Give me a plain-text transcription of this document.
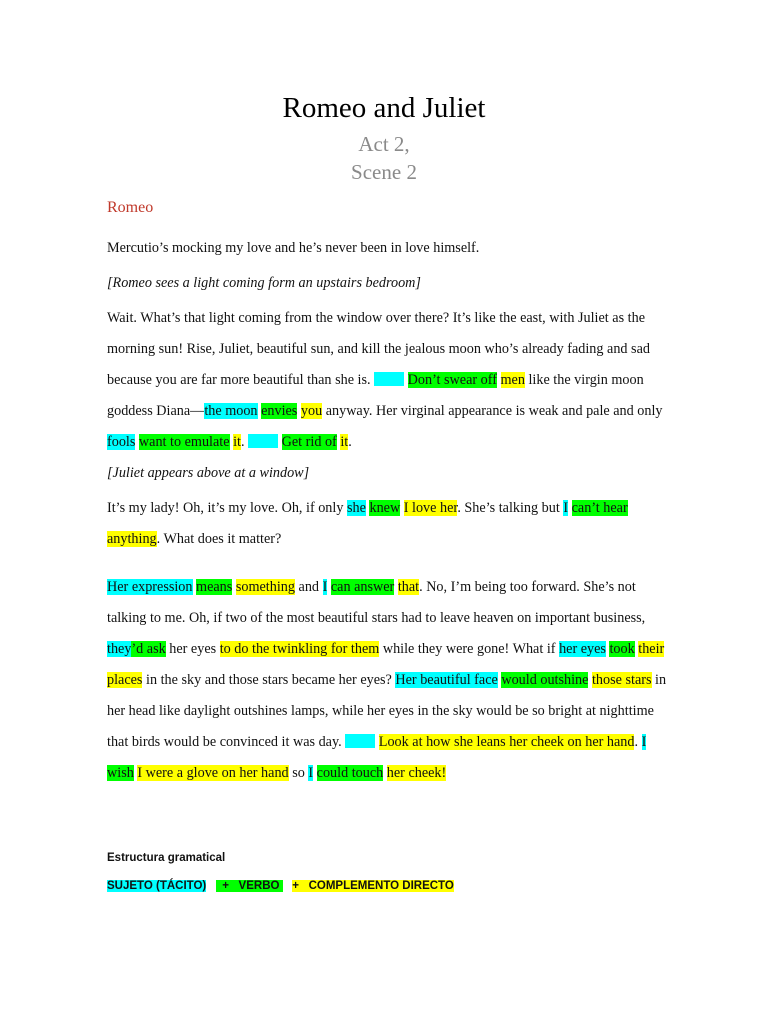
Romeo and Juliet
Act 2,
Scene 2
Romeo

Mercutio’s mocking my love and he’s never been in love himself.

[Romeo sees a light coming form an upstairs bedroom]

Wait. What’s that light coming from the window over there? It’s like the east, with Juliet as the morning sun! Rise, Juliet, beautiful sun, and kill the jealous moon who’s already fading and sad because you are far more beautiful than she is.	Don’t swear off men like the virgin moon goddess Diana—the moon envies you anyway. Her virginal appearance is weak and pale and only fools want to emulate it.  Get rid of it.

[Juliet appears above at a window]

It’s my lady! Oh, it’s my love. Oh, if only she knew I love her. She’s talking but I can’t hear anything. What does it matter?

Her expression means something and I can answer that. No, I’m being too forward. She’s not talking to me. Oh, if two of the most beautiful stars had to leave heaven on important business, they’d ask her eyes to do the twinkling for them while they were gone! What if her eyes took their places in the sky and those stars became her eyes? Her beautiful face would outshine those stars in her head like daylight outshines lamps, while her eyes in the sky would be so bright at nighttime that birds would be convinced it was day.	Look at how she leans her cheek on her hand. I wish I were a glove on her hand so I could touch her cheek!

Estructura gramatical

SUJETO (TÁCITO) + VERBO + COMPLEMENTO DIRECTO
